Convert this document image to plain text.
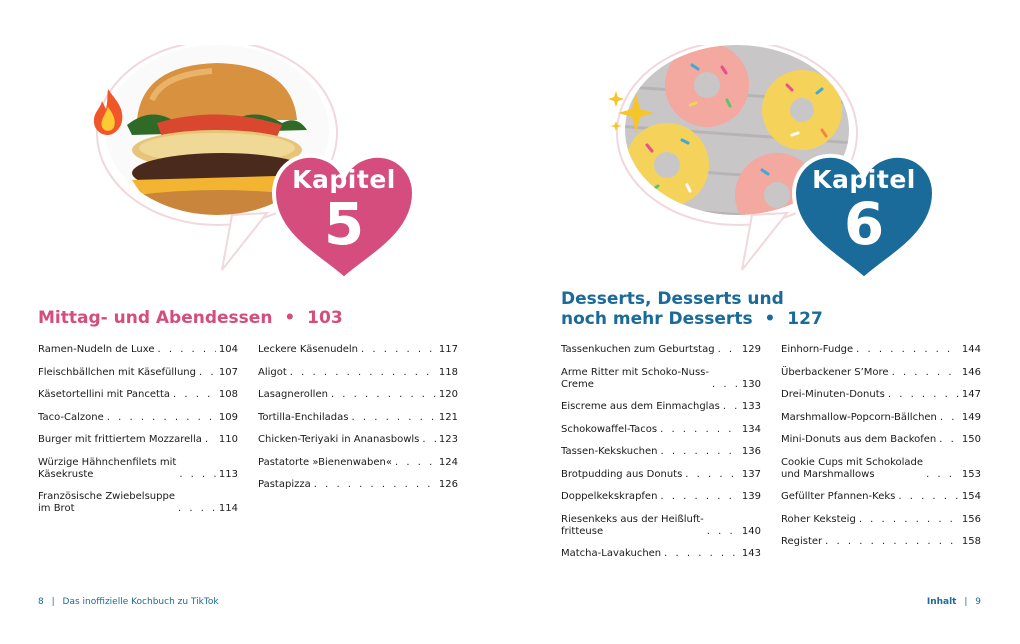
Kapitel
5
Mittag- und Abendessen • 103
Ramen-Nudeln de Luxe . . .	104
Fleischbällchen mit Käsefüllung . . . 107
Käsetortellini mit Pancetta . . .	108
Taco-Calzone . . .	109
Burger mit frittiertem Mozzarella . . . 110
Würzige Hähnchenfilets mit
Käsekruste . . .	113
Französische Zwiebelsuppe
im Brot . . .	114
Leckere Käsenudeln . . .	117
Aligot . . .	118
Lasagnerollen . . .	120
Tortilla-Enchiladas . . .	121
Chicken-Teriyaki in Ananasbowls . . . 123
Pastatorte »Bienenwaben« . . .	124
Pastapizza . . .	126
8 | Das inoffizielle Kochbuch zu TikTok
Kapitel
6
Desserts, Desserts und
noch mehr Desserts • 127
Tassenkuchen zum Geburtstag . . .	129
Arme Ritter mit Schoko-Nuss-
Creme . . .	130
Eiscreme aus dem Einmachglas . . . 133
Schokowaffel-Tacos . . .	134
Tassen-Kekskuchen . . .	136
Brotpudding aus Donuts . . .	137
Doppelkekskrapfen . . .	139
Riesenkeks aus der Heißluft-
fritteuse . . .	140
Matcha-Lavakuchen . . .	143
Einhorn-Fudge . . .	144
Überbackener S’More . . .	146
Drei-Minuten-Donuts . . .	147
Marshmallow-Popcorn-Bällchen . . .	149
Mini-Donuts aus dem Backofen . . .	150
Cookie Cups mit Schokolade
und Marshmallows . . .	153
Gefüllter Pfannen-Keks . . .	154
Roher Keksteig . . .	156
Register . . .	158
Inhalt | 9
